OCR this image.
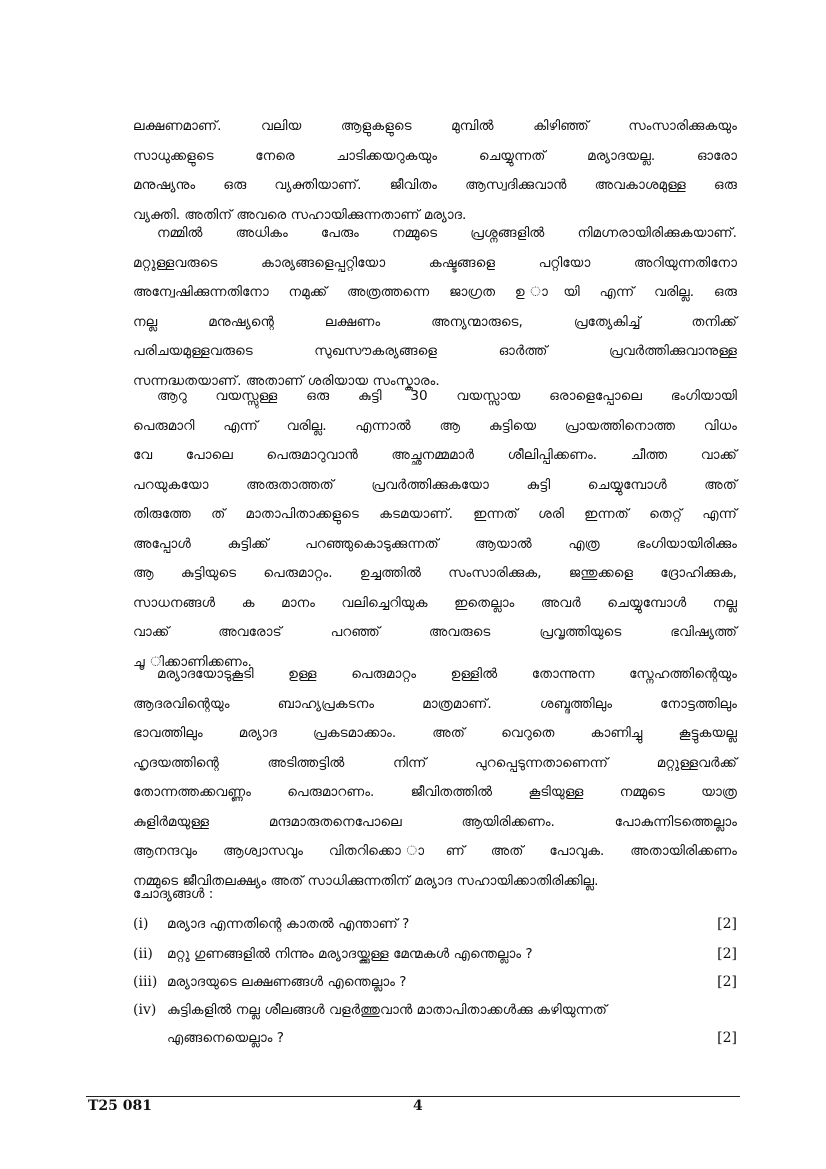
ലക്ഷണമാണ്. വലിയ ആളുകളുടെ മുമ്പിൽ കിഴിഞ്ഞ് സംസാരിക്കുകയും
സാധുക്കളുടെ നേരെ ചാടിക്കയറുകയും ചെയ്യുന്നത് മര്യാദയല്ല. ഓരോ
മനുഷ്യനും ഒരു വ്യക്തിയാണ്. ജീവിതം ആസ്വദിക്കുവാൻ അവകാശമുള്ള ഒരു
വ്യക്തി. അതിന് അവരെ സഹായിക്കുന്നതാണ് മര്യാദ.
നമ്മിൽ അധികം പേരും നമ്മുടെ പ്രശ്നങ്ങളിൽ നിമഗ്നരായിരിക്കുകയാണ്.
മറ്റുള്ളവരുടെ കാര്യങ്ങളെപ്പറ്റിയോ കഷ്ടങ്ങളെ പറ്റിയോ അറിയുന്നതിനോ
അന്വേഷിക്കുന്നതിനോ നമുക്ക് അത്രത്തന്നെ ജാഗ്രത ഉ ായി എന്ന് വരില്ല. ഒരു
നല്ല മനുഷ്യന്റെ ലക്ഷണം അന്യന്മാരുടെ, പ്രത്യേകിച്ച് തനിക്ക്
പരിചയമുള്ളവരുടെ സുഖസൗകര്യങ്ങളെ ഓർത്ത് പ്രവർത്തിക്കുവാനുള്ള
സന്നദ്ധതയാണ്. അതാണ് ശരിയായ സംസ്കാരം.
ആറു വയസ്സുള്ള ഒരു കുട്ടി 30 വയസ്സായ ഒരാളെപ്പോലെ ഭംഗിയായി
പെരുമാറി എന്ന് വരില്ല. എന്നാൽ ആ കുട്ടിയെ പ്രായത്തിനൊത്ത വിധം
വേ പോലെ പെരുമാറുവാൻ അച്ഛനമ്മമാർ ശീലിപ്പിക്കണം. ചീത്ത വാക്ക്
പറയുകയോ അരുതാത്തത് പ്രവർത്തിക്കുകയോ കുട്ടി ചെയ്യുമ്പോൾ അത്
തിരുത്തേ ത് മാതാപിതാക്കളുടെ കടമയാണ്. ഇന്നത് ശരി ഇന്നത് തെറ്റ് എന്ന്
അപ്പോൾ കുട്ടിക്ക് പറഞ്ഞുകൊടുക്കുന്നത് ആയാൽ എത്ര ഭംഗിയായിരിക്കും
ആ കുട്ടിയുടെ പെരുമാറ്റം. ഉച്ചത്തിൽ സംസാരിക്കുക, ജന്തുക്കളെ ദ്രോഹിക്കുക,
സാധനങ്ങൾ ക മാനം വലിച്ചെറിയുക ഇതെല്ലാം അവർ ചെയ്യുമ്പോൾ നല്ല
വാക്ക് അവരോട് പറഞ്ഞ് അവരുടെ പ്രവൃത്തിയുടെ ഭവിഷ്യത്ത്
ചൂ ിക്കാണിക്കണം.
മര്യാദയോടുകൂടി ഉള്ള പെരുമാറ്റം ഉള്ളിൽ തോന്നുന്ന സ്നേഹത്തിന്റെയും
ആദരവിന്റെയും ബാഹ്യപ്രകടനം മാത്രമാണ്. ശബ്ദത്തിലും നോട്ടത്തിലും
ഭാവത്തിലും മര്യാദ പ്രകടമാക്കാം. അത് വെറുതെ കാണിച്ചു കൂട്ടുകയല്ല
ഹൃദയത്തിന്റെ അടിത്തട്ടിൽ നിന്ന് പുറപ്പെടുന്നതാണെന്ന് മറ്റുള്ളവർക്ക്
തോന്നത്തക്കവണ്ണം പെരുമാറണം. ജീവിതത്തിൽ കൂടിയുള്ള നമ്മുടെ യാത്ര
കുളിർമയുള്ള മന്ദമാരുതനെപോലെ ആയിരിക്കണം. പോകുന്നിടത്തെല്ലാം
ആനന്ദവും ആശ്വാസവും വിതറിക്കൊ ാണ് അത് പോവുക. അതായിരിക്കണം
നമ്മുടെ ജീവിതലക്ഷ്യം അത് സാധിക്കുന്നതിന് മര്യാദ സഹായിക്കാതിരിക്കില്ല.
ചോദ്യങ്ങൾ :
(i) മര്യാദ എന്നതിന്റെ കാതൽ എന്താണ് ?	[2]
(ii) മറ്റു ഗുണങ്ങളിൽ നിന്നും മര്യാദയ്ക്കുള്ള മേന്മകൾ എന്തെല്ലാം ?	[2]
(iii) മര്യാദയുടെ ലക്ഷണങ്ങൾ എന്തെല്ലാം ?	[2]
(iv) കുട്ടികളിൽ നല്ല ശീലങ്ങൾ വളർത്തുവാൻ മാതാപിതാക്കൾക്കു കഴിയുന്നത്
എങ്ങനെയെല്ലാം ?	[2]
T25 081	4
